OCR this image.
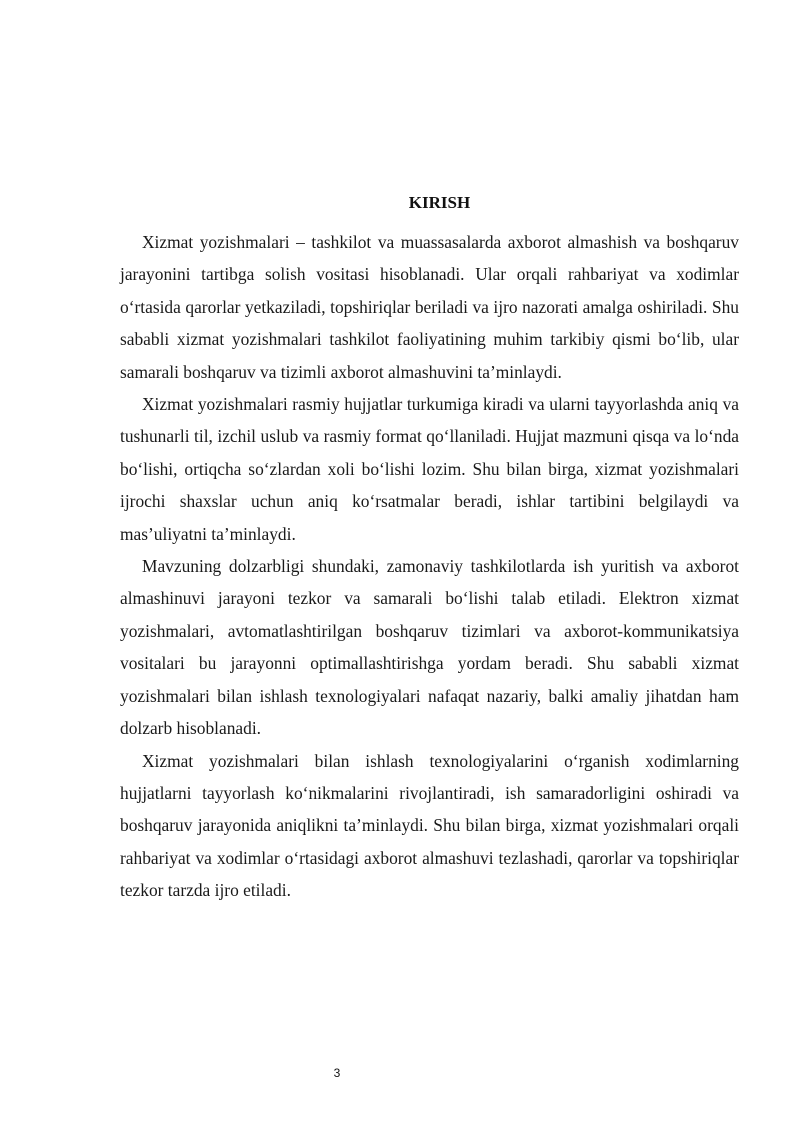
KIRISH

Xizmat yozishmalari – tashkilot va muassasalarda axborot almashish va boshqaruv jarayonini tartibga solish vositasi hisoblanadi. Ular orqali rahbariyat va xodimlar oʻrtasida qarorlar yetkaziladi, topshiriqlar beriladi va ijro nazorati amalga oshiriladi. Shu sababli xizmat yozishmalari tashkilot faoliyatining muhim tarkibiy qismi boʻlib, ular samarali boshqaruv va tizimli axborot almashuvini taʼminlaydi.

Xizmat yozishmalari rasmiy hujjatlar turkumiga kiradi va ularni tayyorlashda aniq va tushunarli til, izchil uslub va rasmiy format qoʻllaniladi. Hujjat mazmuni qisqa va loʻnda boʻlishi, ortiqcha soʻzlardan xoli boʻlishi lozim. Shu bilan birga, xizmat yozishmalari ijrochi shaxslar uchun aniq koʻrsatmalar beradi, ishlar tartibini belgilaydi va masʼuliyatni taʼminlaydi.

Mavzuning dolzarbligi shundaki, zamonaviy tashkilotlarda ish yuritish va axborot almashinuvi jarayoni tezkor va samarali boʻlishi talab etiladi. Elektron xizmat yozishmalari, avtomatlashtirilgan boshqaruv tizimlari va axborot-kommunikatsiya vositalari bu jarayonni optimallashtirishga yordam beradi. Shu sababli xizmat yozishmalari bilan ishlash texnologiyalari nafaqat nazariy, balki amaliy jihatdan ham dolzarb hisoblanadi.

Xizmat yozishmalari bilan ishlash texnologiyalarini oʻrganish xodimlarning hujjatlarni tayyorlash koʻnikmalarini rivojlantiradi, ish samaradorligini oshiradi va boshqaruv jarayonida aniqlikni taʼminlaydi. Shu bilan birga, xizmat yozishmalari orqali rahbariyat va xodimlar oʻrtasidagi axborot almashuvi tezlashadi, qarorlar va topshiriqlar tezkor tarzda ijro etiladi.

3
